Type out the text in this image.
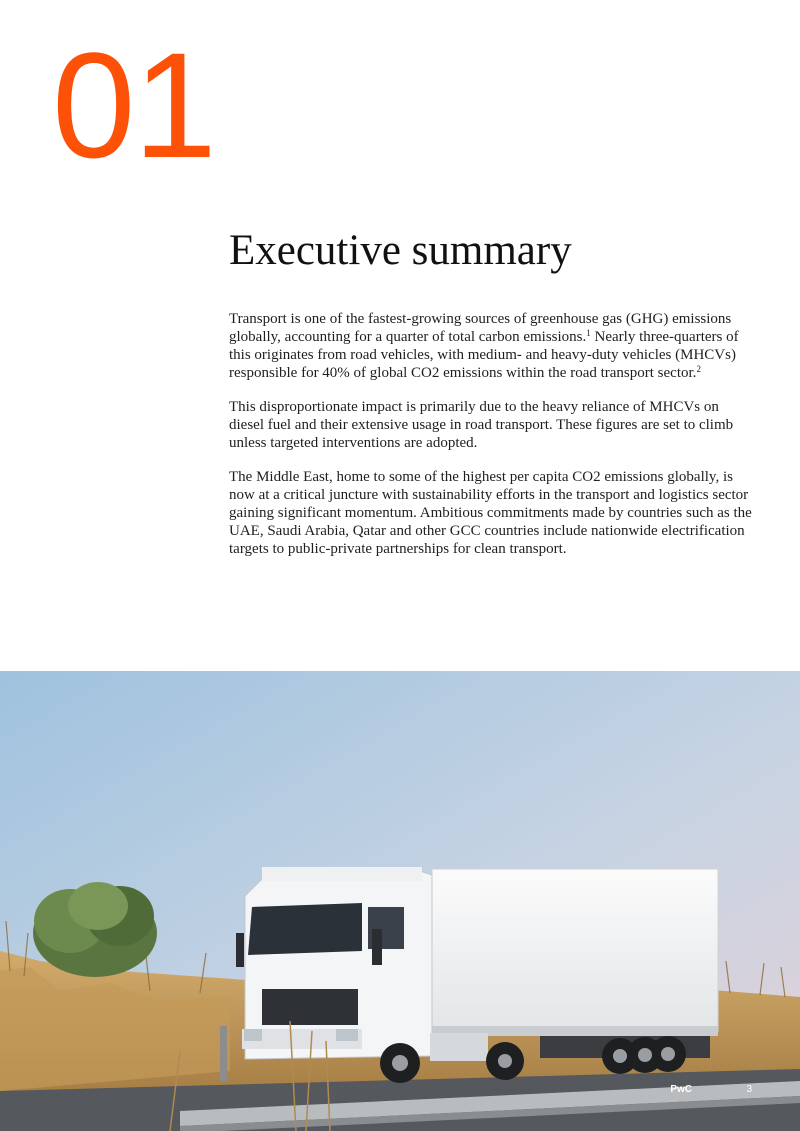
01
Executive summary

Transport is one of the fastest-growing sources of greenhouse gas (GHG) emissions globally, accounting for a quarter of total carbon emissions.$^1$ Nearly three-quarters of this originates from road vehicles, with medium- and heavy-duty vehicles (MHCVs) responsible for 40% of global CO2 emissions within the road transport sector.$^2$

This disproportionate impact is primarily due to the heavy reliance of MHCVs on diesel fuel and their extensive usage in road transport. These figures are set to climb unless targeted interventions are adopted.

The Middle East, home to some of the highest per capita CO2 emissions globally, is now at a critical juncture with sustainability efforts in the transport and logistics sector gaining significant momentum. Ambitious commitments made by countries such as the UAE, Saudi Arabia, Qatar and other GCC countries include nationwide electrification targets to public-private partnerships for clean transport.

PwC	3
